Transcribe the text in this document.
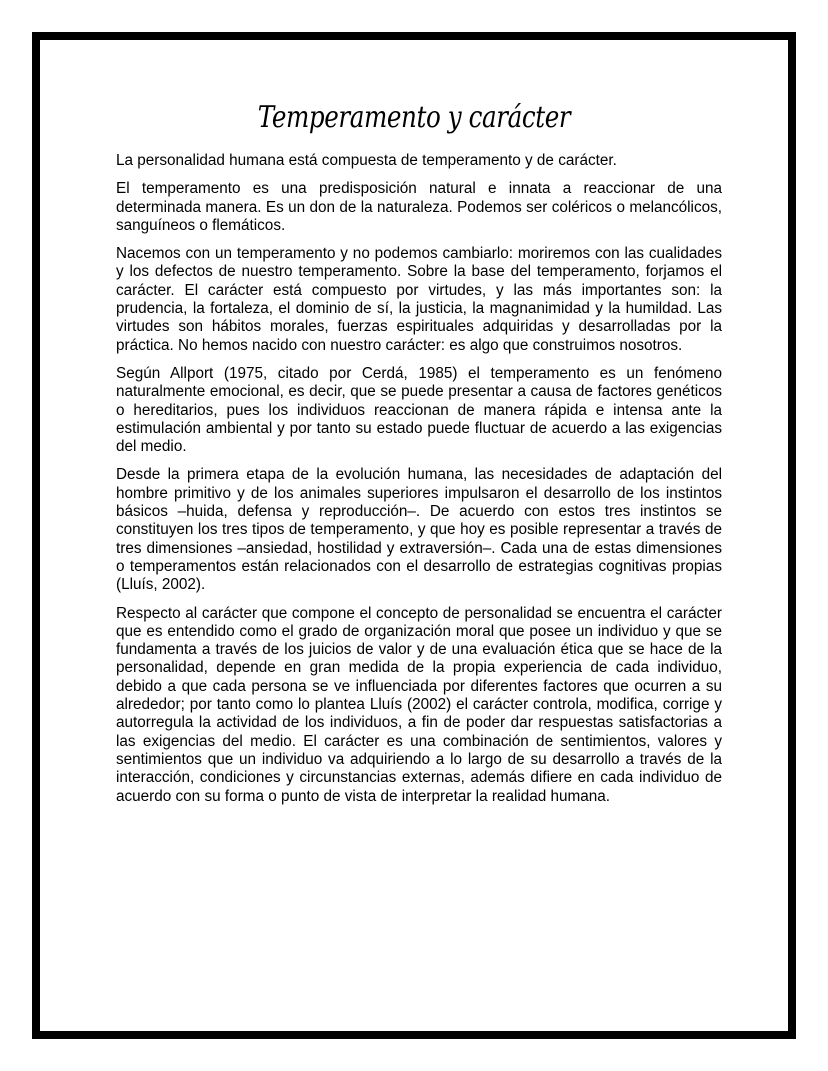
Temperamento y carácter

La personalidad humana está compuesta de temperamento y de carácter.

El temperamento es una predisposición natural e innata a reaccionar de una determinada manera. Es un don de la naturaleza. Podemos ser coléricos o melancólicos, sanguíneos o flemáticos.

Nacemos con un temperamento y no podemos cambiarlo: moriremos con las cualidades y los defectos de nuestro temperamento. Sobre la base del temperamento, forjamos el carácter. El carácter está compuesto por virtudes, y las más importantes son: la prudencia, la fortaleza, el dominio de sí, la justicia, la magnanimidad y la humildad. Las virtudes son hábitos morales, fuerzas espirituales adquiridas y desarrolladas por la práctica. No hemos nacido con nuestro carácter: es algo que construimos nosotros.

Según Allport (1975, citado por Cerdá, 1985) el temperamento es un fenómeno naturalmente emocional, es decir, que se puede presentar a causa de factores genéticos o hereditarios, pues los individuos reaccionan de manera rápida e intensa ante la estimulación ambiental y por tanto su estado puede fluctuar de acuerdo a las exigencias del medio.

Desde la primera etapa de la evolución humana, las necesidades de adaptación del hombre primitivo y de los animales superiores impulsaron el desarrollo de los instintos básicos –huida, defensa y reproducción–. De acuerdo con estos tres instintos se constituyen los tres tipos de temperamento, y que hoy es posible representar a través de tres dimensiones –ansiedad, hostilidad y extraversión–. Cada una de estas dimensiones o temperamentos están relacionados con el desarrollo de estrategias cognitivas propias (Lluís, 2002).

Respecto al carácter que compone el concepto de personalidad se encuentra el carácter que es entendido como el grado de organización moral que posee un individuo y que se fundamenta a través de los juicios de valor y de una evaluación ética que se hace de la personalidad, depende en gran medida de la propia experiencia de cada individuo, debido a que cada persona se ve influenciada por diferentes factores que ocurren a su alrededor; por tanto como lo plantea Lluís (2002) el carácter controla, modifica, corrige y autorregula la actividad de los individuos, a fin de poder dar respuestas satisfactorias a las exigencias del medio. El carácter es una combinación de sentimientos, valores y sentimientos que un individuo va adquiriendo a lo largo de su desarrollo a través de la interacción, condiciones y circunstancias externas, además difiere en cada individuo de acuerdo con su forma o punto de vista de interpretar la realidad humana.
